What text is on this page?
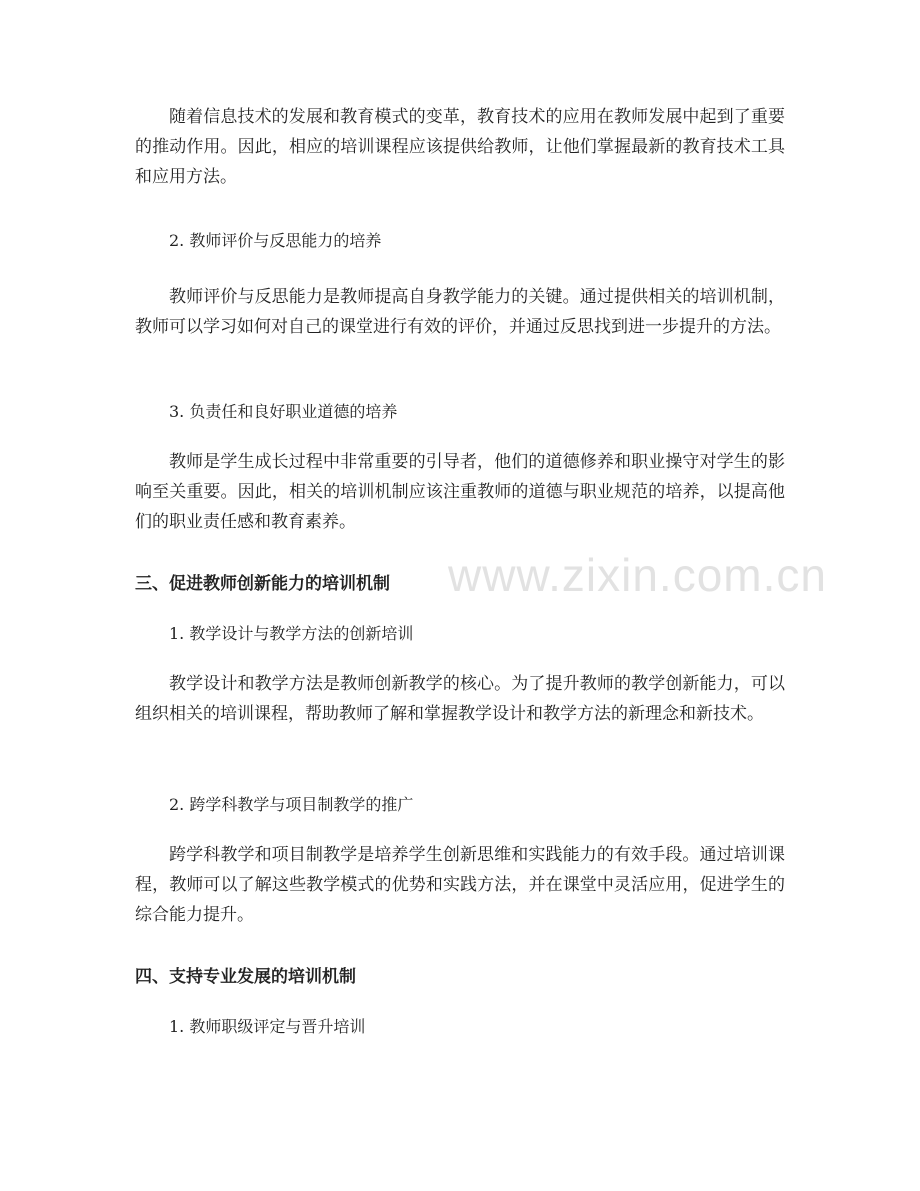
www.zixin.com.cn

随着信息技术的发展和教育模式的变革，教育技术的应用在教师发展中起到了重要的推动作用。因此，相应的培训课程应该提供给教师，让他们掌握最新的教育技术工具和应用方法。

2. 教师评价与反思能力的培养

教师评价与反思能力是教师提高自身教学能力的关键。通过提供相关的培训机制，教师可以学习如何对自己的课堂进行有效的评价，并通过反思找到进一步提升的方法。

3. 负责任和良好职业道德的培养

教师是学生成长过程中非常重要的引导者，他们的道德修养和职业操守对学生的影响至关重要。因此，相关的培训机制应该注重教师的道德与职业规范的培养，以提高他们的职业责任感和教育素养。

三、促进教师创新能力的培训机制

1. 教学设计与教学方法的创新培训

教学设计和教学方法是教师创新教学的核心。为了提升教师的教学创新能力，可以组织相关的培训课程，帮助教师了解和掌握教学设计和教学方法的新理念和新技术。

2. 跨学科教学与项目制教学的推广

跨学科教学和项目制教学是培养学生创新思维和实践能力的有效手段。通过培训课程，教师可以了解这些教学模式的优势和实践方法，并在课堂中灵活应用，促进学生的综合能力提升。

四、支持专业发展的培训机制

1. 教师职级评定与晋升培训
